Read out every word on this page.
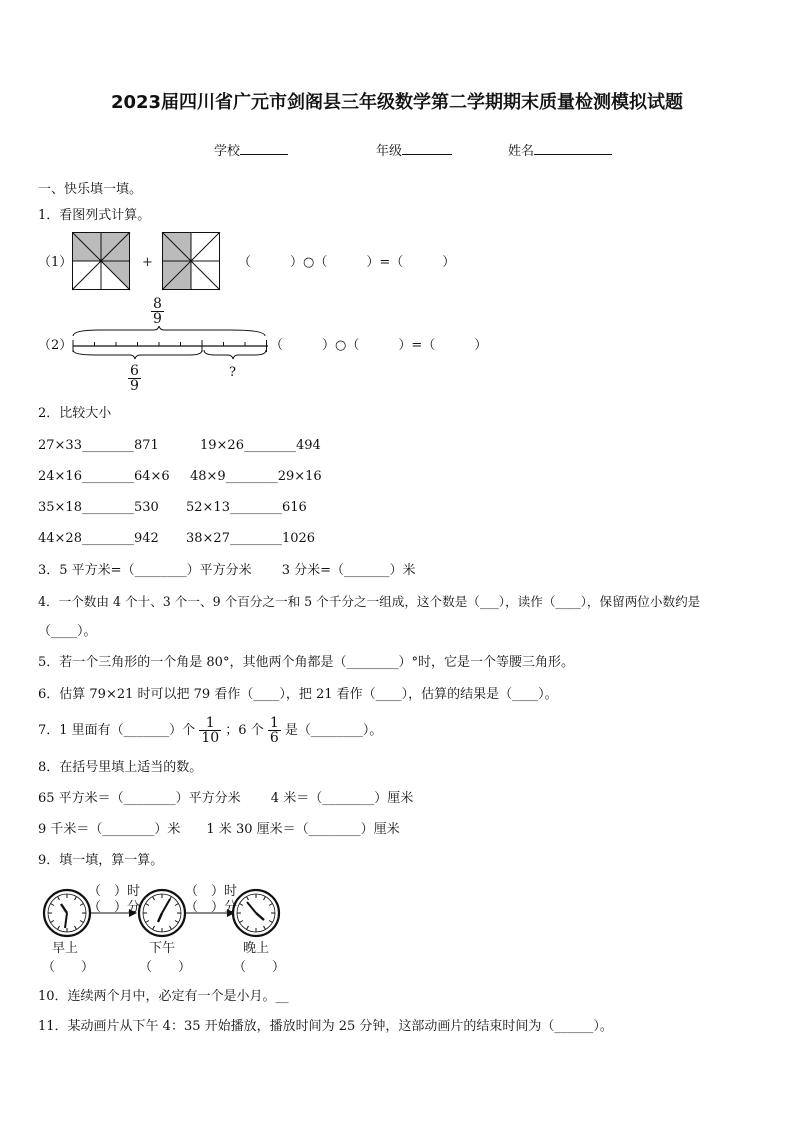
2023届四川省广元市剑阁县三年级数学第二学期期末质量检测模拟试题
学校	年级	姓名
一、快乐填一填。
1．看图列式计算。
（1）	+	（　　　）○（　　　）=（　　　）
（2）
$\frac{8}{9}$
$\frac{6}{9}$	?
（　　　）○（　　　）=（　　　）
2．比较大小
27×33________871	19×26________494
24×16________64×6 48×9________29×16
35×18________530 52×13________616
44×28________942 38×27________1026
3．5 平方米=（________）平方分米　　 3 分米=（_______）米
4．一个数由 4 个十、3 个一、9 个百分之一和 5 个千分之一组成，这个数是（___），读作（____），保留两位小数约是
（____）。
5．若一个三角形的一个角是 80°，其他两个角都是（________）°时，它是一个等腰三角形。
6．估算 79×21 时可以把 79 看作（____），把 21 看作（____），估算的结果是（____）。
7．1 里面有（_______）个 $\frac{1}{10}$ ；6 个 $\frac{1}{6}$ 是（________）。
8．在括号里填上适当的数。
65 平方米＝（________）平方分米　　 4 米＝（________）厘米
9 千米＝（________）米　　1 米 30 厘米＝（________）厘米
9．填一填，算一算。
（　）时
（　）分
（　）时
（　）分
早上	下午	晚上
（　　）	（　　）	（　　）
10．连续两个月中，必定有一个是小月。__
11．某动画片从下午 4：35 开始播放，播放时间为 25 分钟，这部动画片的结束时间为（______）。
